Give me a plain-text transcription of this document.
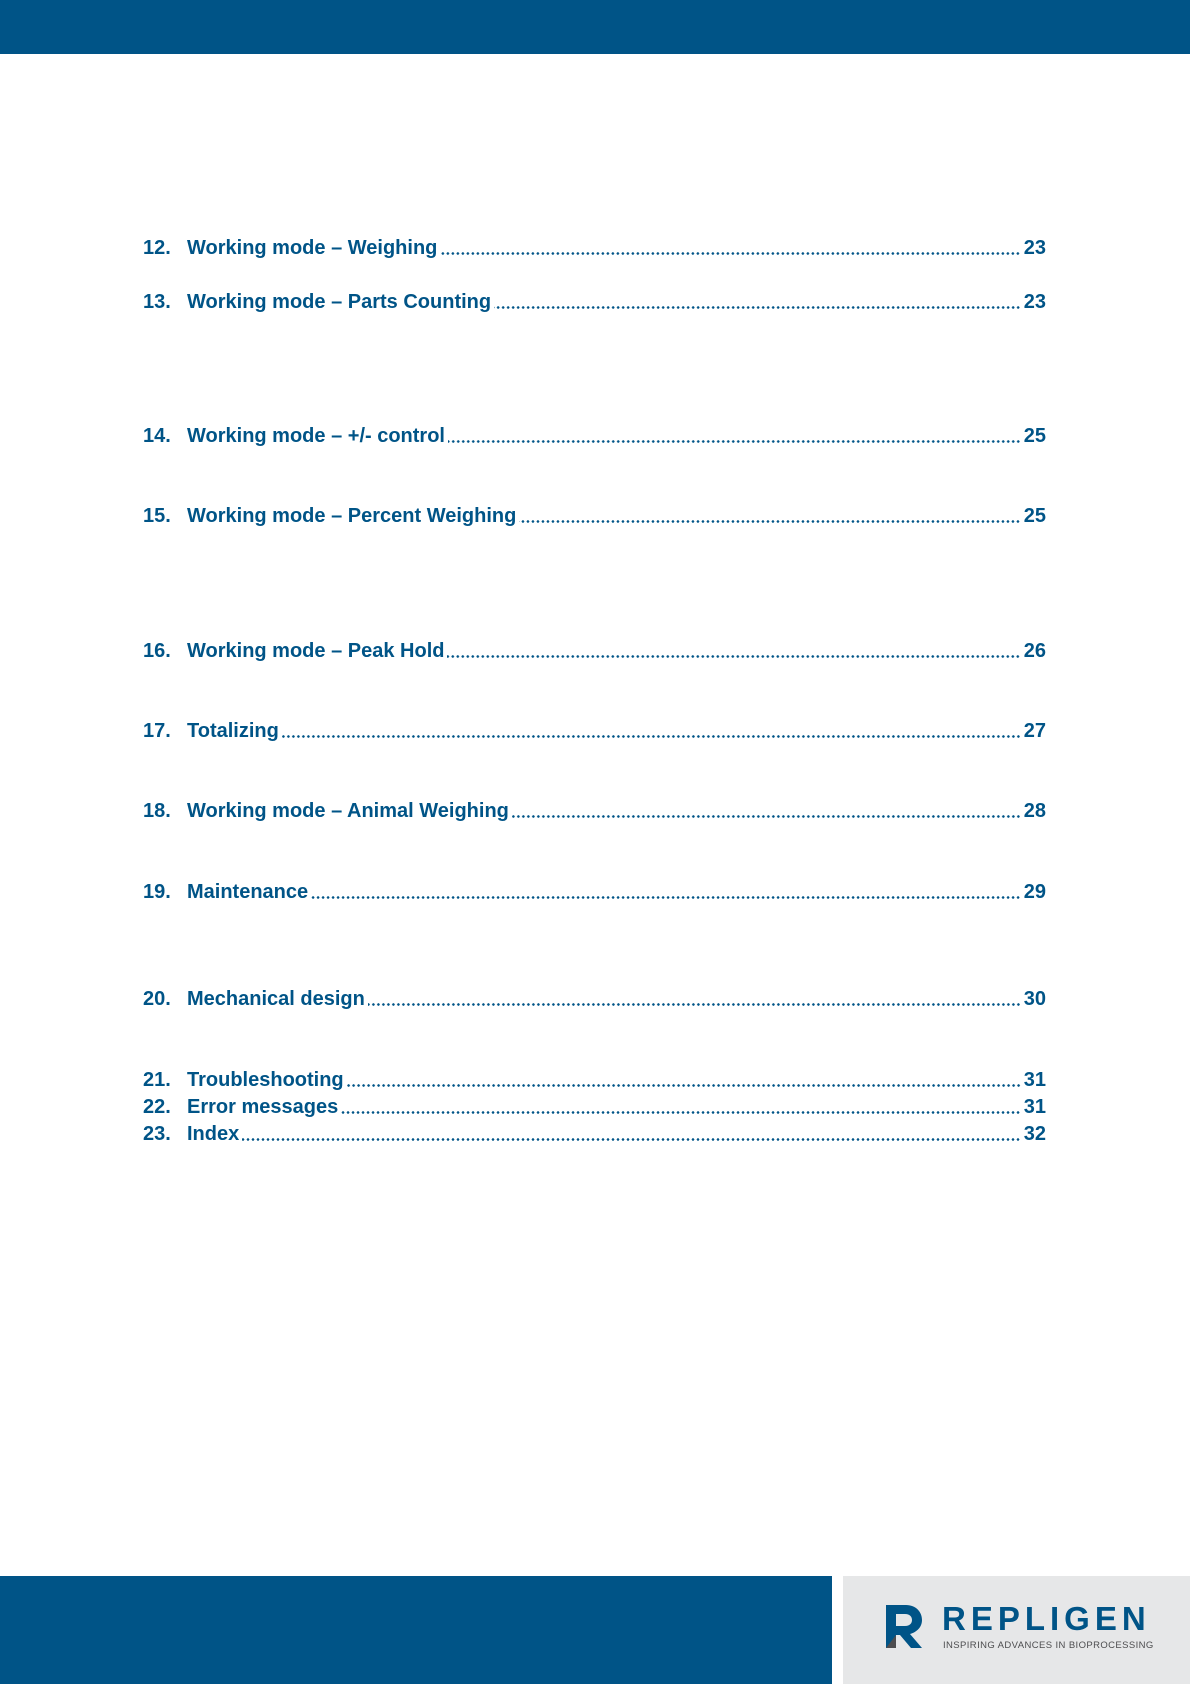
12. Working mode – Weighing	23
13. Working mode – Parts Counting	23
14. Working mode – +/- control	25
15. Working mode – Percent Weighing	25
16. Working mode – Peak Hold	26
17. Totalizing	27
18. Working mode – Animal Weighing	28
19. Maintenance	29
20. Mechanical design	30
21. Troubleshooting	31
22. Error messages	31
23. Index	32
REPLIGEN
INSPIRING ADVANCES IN BIOPROCESSING
